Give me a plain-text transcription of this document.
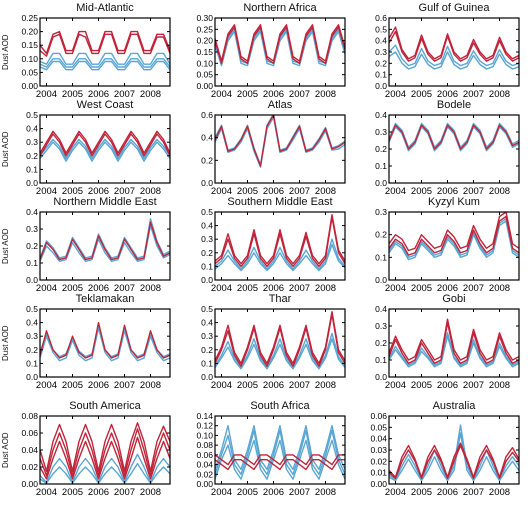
Mid-Atlantic
Dust AOD
0.00
0.05
0.10
0.15
0.20
0.25
2004 2005 2006 2007 2008
Northern Africa
0.00
0.05
0.10
0.15
0.20
0.25
0.30
2004 2005 2006 2007 2008
Gulf of Guinea
0.0
0.1
0.2
0.3
0.4
0.5
0.6
2004 2005 2006 2007 2008
West Coast
Dust AOD
0.0
0.1
0.2
0.3
0.4
0.5
2004 2005 2006 2007 2008
Atlas
0.0
0.2
0.4
0.6
2004 2005 2006 2007 2008
Bodele
0.0
0.1
0.2
0.3
0.4
2004 2005 2006 2007 2008
Northern Middle East
Dust AOD
0.0
0.1
0.2
0.3
0.4
2004 2005 2006 2007 2008
Southern Middle East
0.0
0.1
0.2
0.3
0.4
0.5
2004 2005 2006 2007 2008
Kyzyl Kum
0.0
0.1
0.2
0.3
2004 2005 2006 2007 2008
Teklamakan
Dust AOD
0.0
0.1
0.2
0.3
0.4
0.5
2004 2005 2006 2007 2008
Thar
0.0
0.1
0.2
0.3
0.4
0.5
2004 2005 2006 2007 2008
Gobi
0.0
0.1
0.2
0.3
0.4
2004 2005 2006 2007 2008
South America
Dust AOD
0.00
0.02
0.04
0.06
0.08
2004 2005 2006 2007 2008
South Africa
0.00
0.02
0.04
0.06
0.08
0.10
0.12
0.14
2004 2005 2006 2007 2008
Australia
0.00
0.01
0.02
0.03
0.04
0.05
0.06
2004 2005 2006 2007 2008
